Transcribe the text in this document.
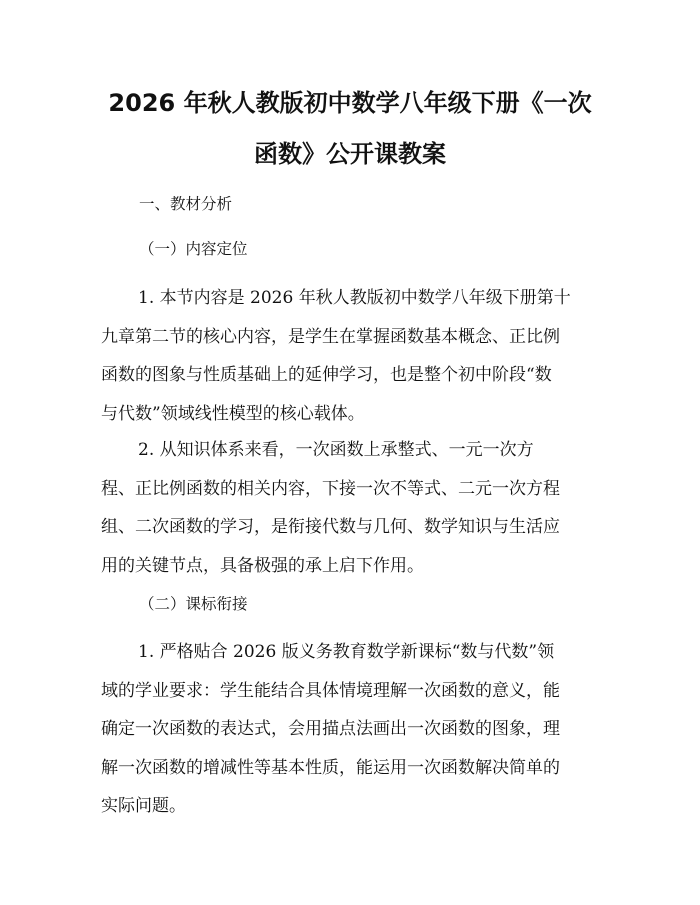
2026 年秋人教版初中数学八年级下册《一次
函数》公开课教案

一、教材分析

（一）内容定位

1. 本节内容是 2026 年秋人教版初中数学八年级下册第十
九章第二节的核心内容，是学生在掌握函数基本概念、正比例
函数的图象与性质基础上的延伸学习，也是整个初中阶段“数
与代数”领域线性模型的核心载体。

2. 从知识体系来看，一次函数上承整式、一元一次方
程、正比例函数的相关内容，下接一次不等式、二元一次方程
组、二次函数的学习，是衔接代数与几何、数学知识与生活应
用的关键节点，具备极强的承上启下作用。

（二）课标衔接

1. 严格贴合 2026 版义务教育数学新课标“数与代数”领
域的学业要求：学生能结合具体情境理解一次函数的意义，能
确定一次函数的表达式，会用描点法画出一次函数的图象，理
解一次函数的增减性等基本性质，能运用一次函数解决简单的
实际问题。
